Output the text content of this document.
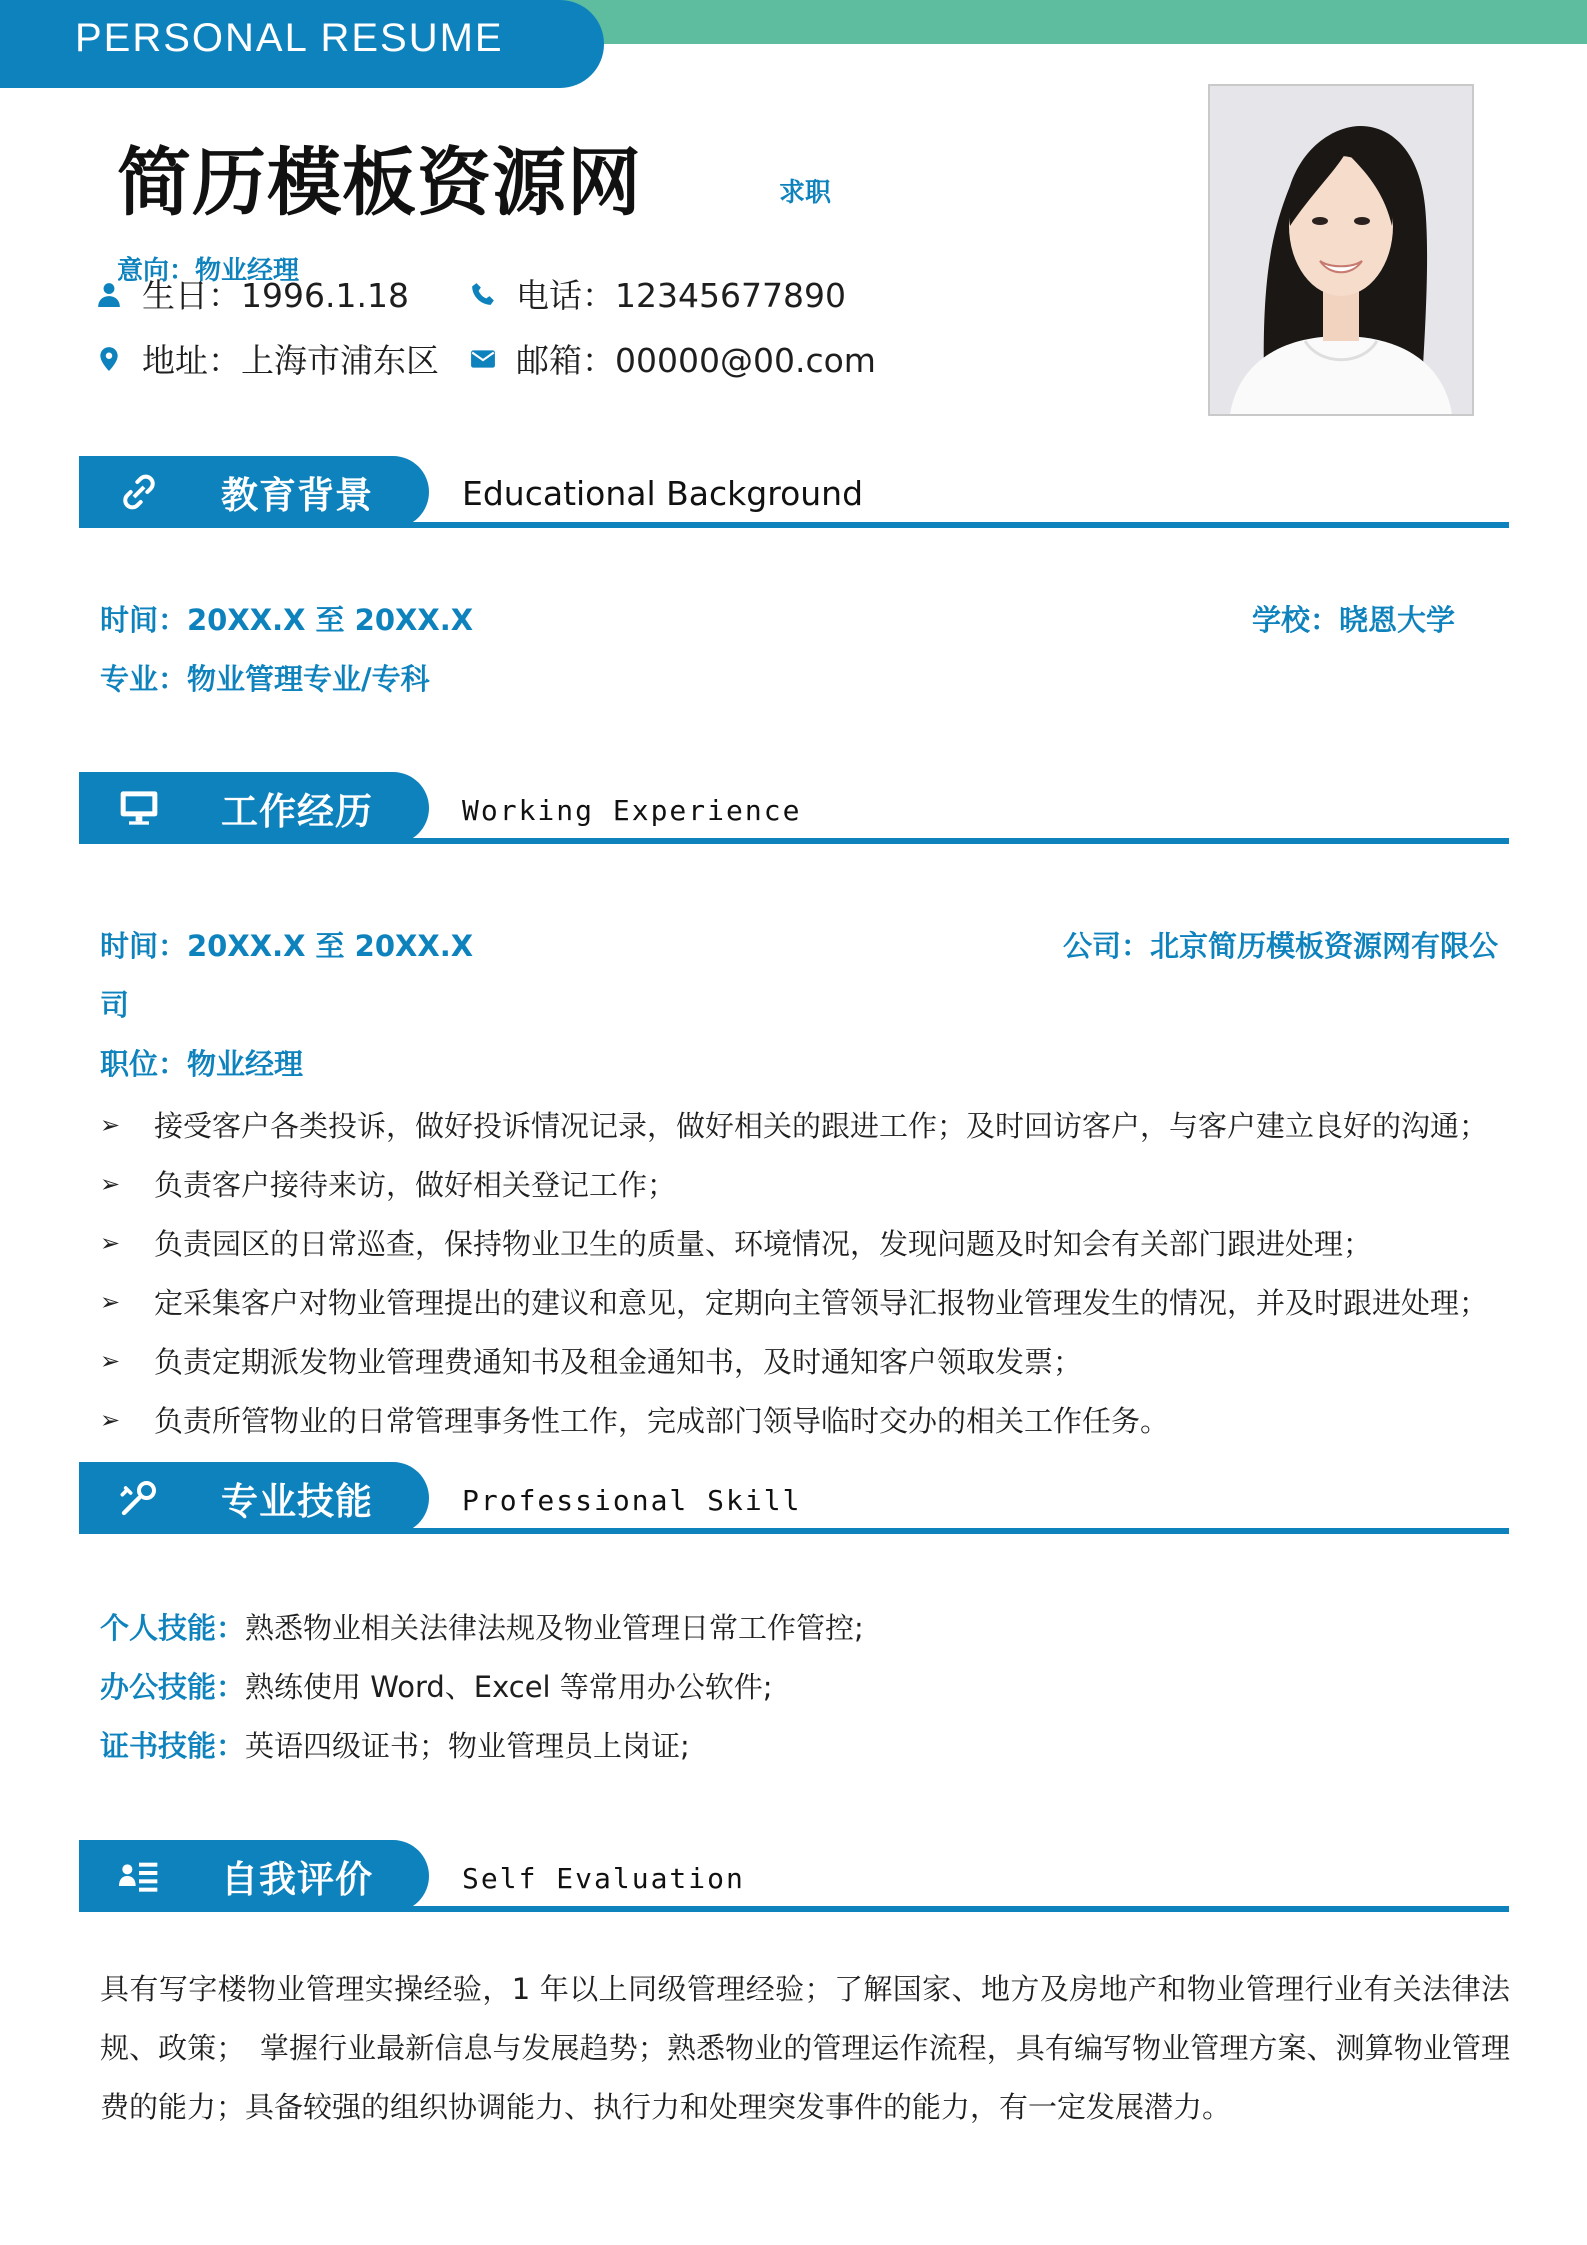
PERSONAL RESUME
简历模板资源网	求职
意向：物业经理
生日：1996.1.18	电话：12345677890
地址：上海市浦东区 邮箱：00000@00.com
教育背景	Educational Background
时间：20XX.X 至 20XX.X	学校：晓恩大学
专业：物业管理专业/专科
工作经历	Working Experience
时间：20XX.X 至 20XX.X	公司：北京简历模板资源网有限公
司
职位：物业经理
➢	接受客户各类投诉，做好投诉情况记录，做好相关的跟进工作；及时回访客户，与客户建立良好的沟通；
➢	负责客户接待来访，做好相关登记工作；
➢	负责园区的日常巡查，保持物业卫生的质量、环境情况，发现问题及时知会有关部门跟进处理；
➢	定采集客户对物业管理提出的建议和意见，定期向主管领导汇报物业管理发生的情况，并及时跟进处理；
➢	负责定期派发物业管理费通知书及租金通知书，及时通知客户领取发票；
➢	负责所管物业的日常管理事务性工作，完成部门领导临时交办的相关工作任务。
专业技能	Professional Skill
个人技能：熟悉物业相关法律法规及物业管理日常工作管控;
办公技能：熟练使用 Word、Excel 等常用办公软件;
证书技能：英语四级证书；物业管理员上岗证;
自我评价	Self Evaluation
具有写字楼物业管理实操经验，1 年以上同级管理经验；了解国家、地方及房地产和物业管理行业有关法律法规、政策；　掌握行业最新信息与发展趋势；熟悉物业的管理运作流程，具有编写物业管理方案、测算物业管理费的能力；具备较强的组织协调能力、执行力和处理突发事件的能力，有一定发展潜力。
